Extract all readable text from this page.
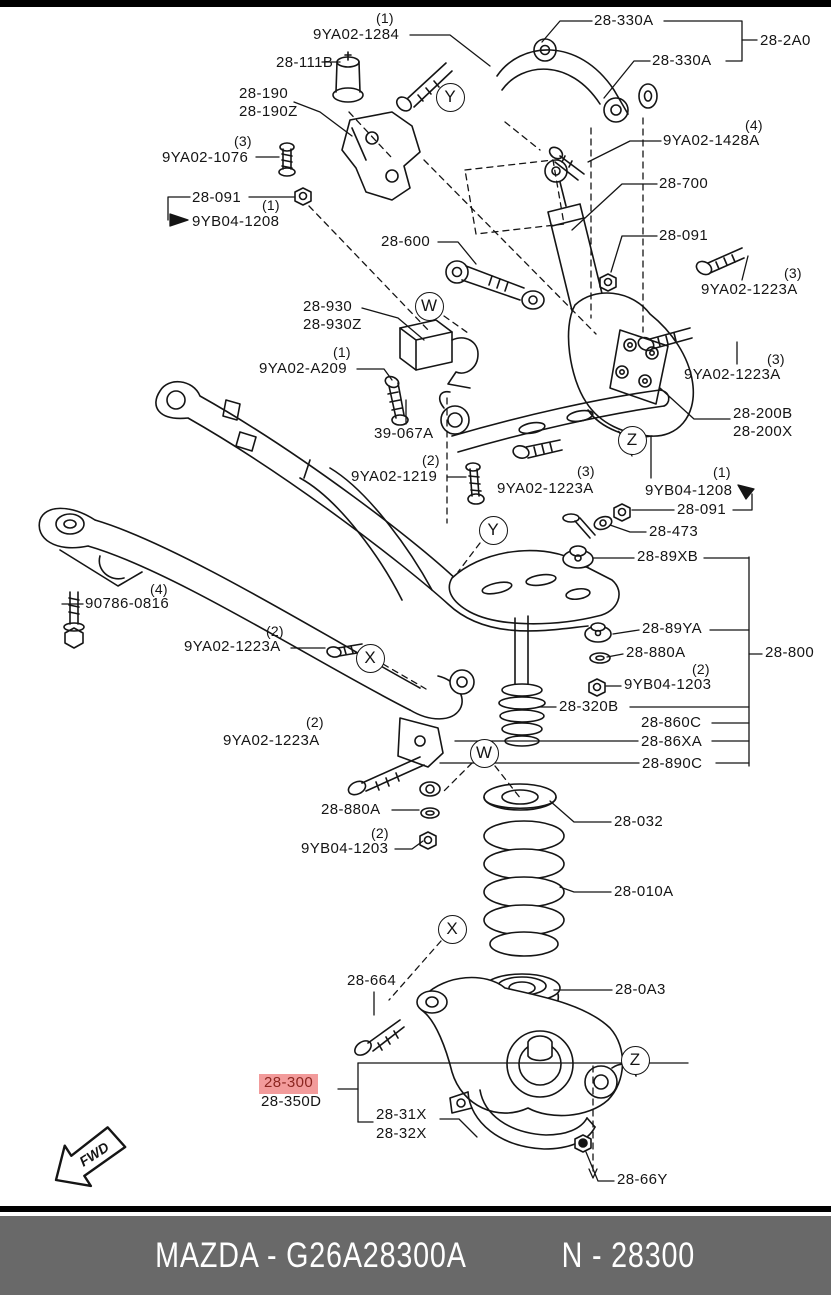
FWD
(1)
9YA02-1284
28-111B
28-330A
28-2A0
28-330A
28-190
28-190Z
(3)
9YA02-1076
(4)
9YA02-1428A
28-700
28-091 (1)
9YB04-1208
28-600	28-091
(3)
9YA02-1223A
28-930
28-930Z
(1)
9YA02-A209
(3)
9YA02-1223A
28-200B
28-200X
39-067A
(2)
9YA02-1219	(3)
9YA02-1223A
(1)
9YB04-1208
28-091
28-473
28-89XB
(4)
90786-0816
28-89YA
(2)
9YA02-1223A	28-880A	28-800
(2)
9YB04-1203
28-320B
28-860C
28-86XA
(2)
9YA02-1223A
28-890C
28-880A
28-032
(2)
9YB04-1203
28-010A
28-664
28-0A3
28-300
28-350D
28-31X
28-32X
28-66Y
Y
W
Z
Y
X
W
X
Z
MAZDA - G26A28300A	N - 28300
